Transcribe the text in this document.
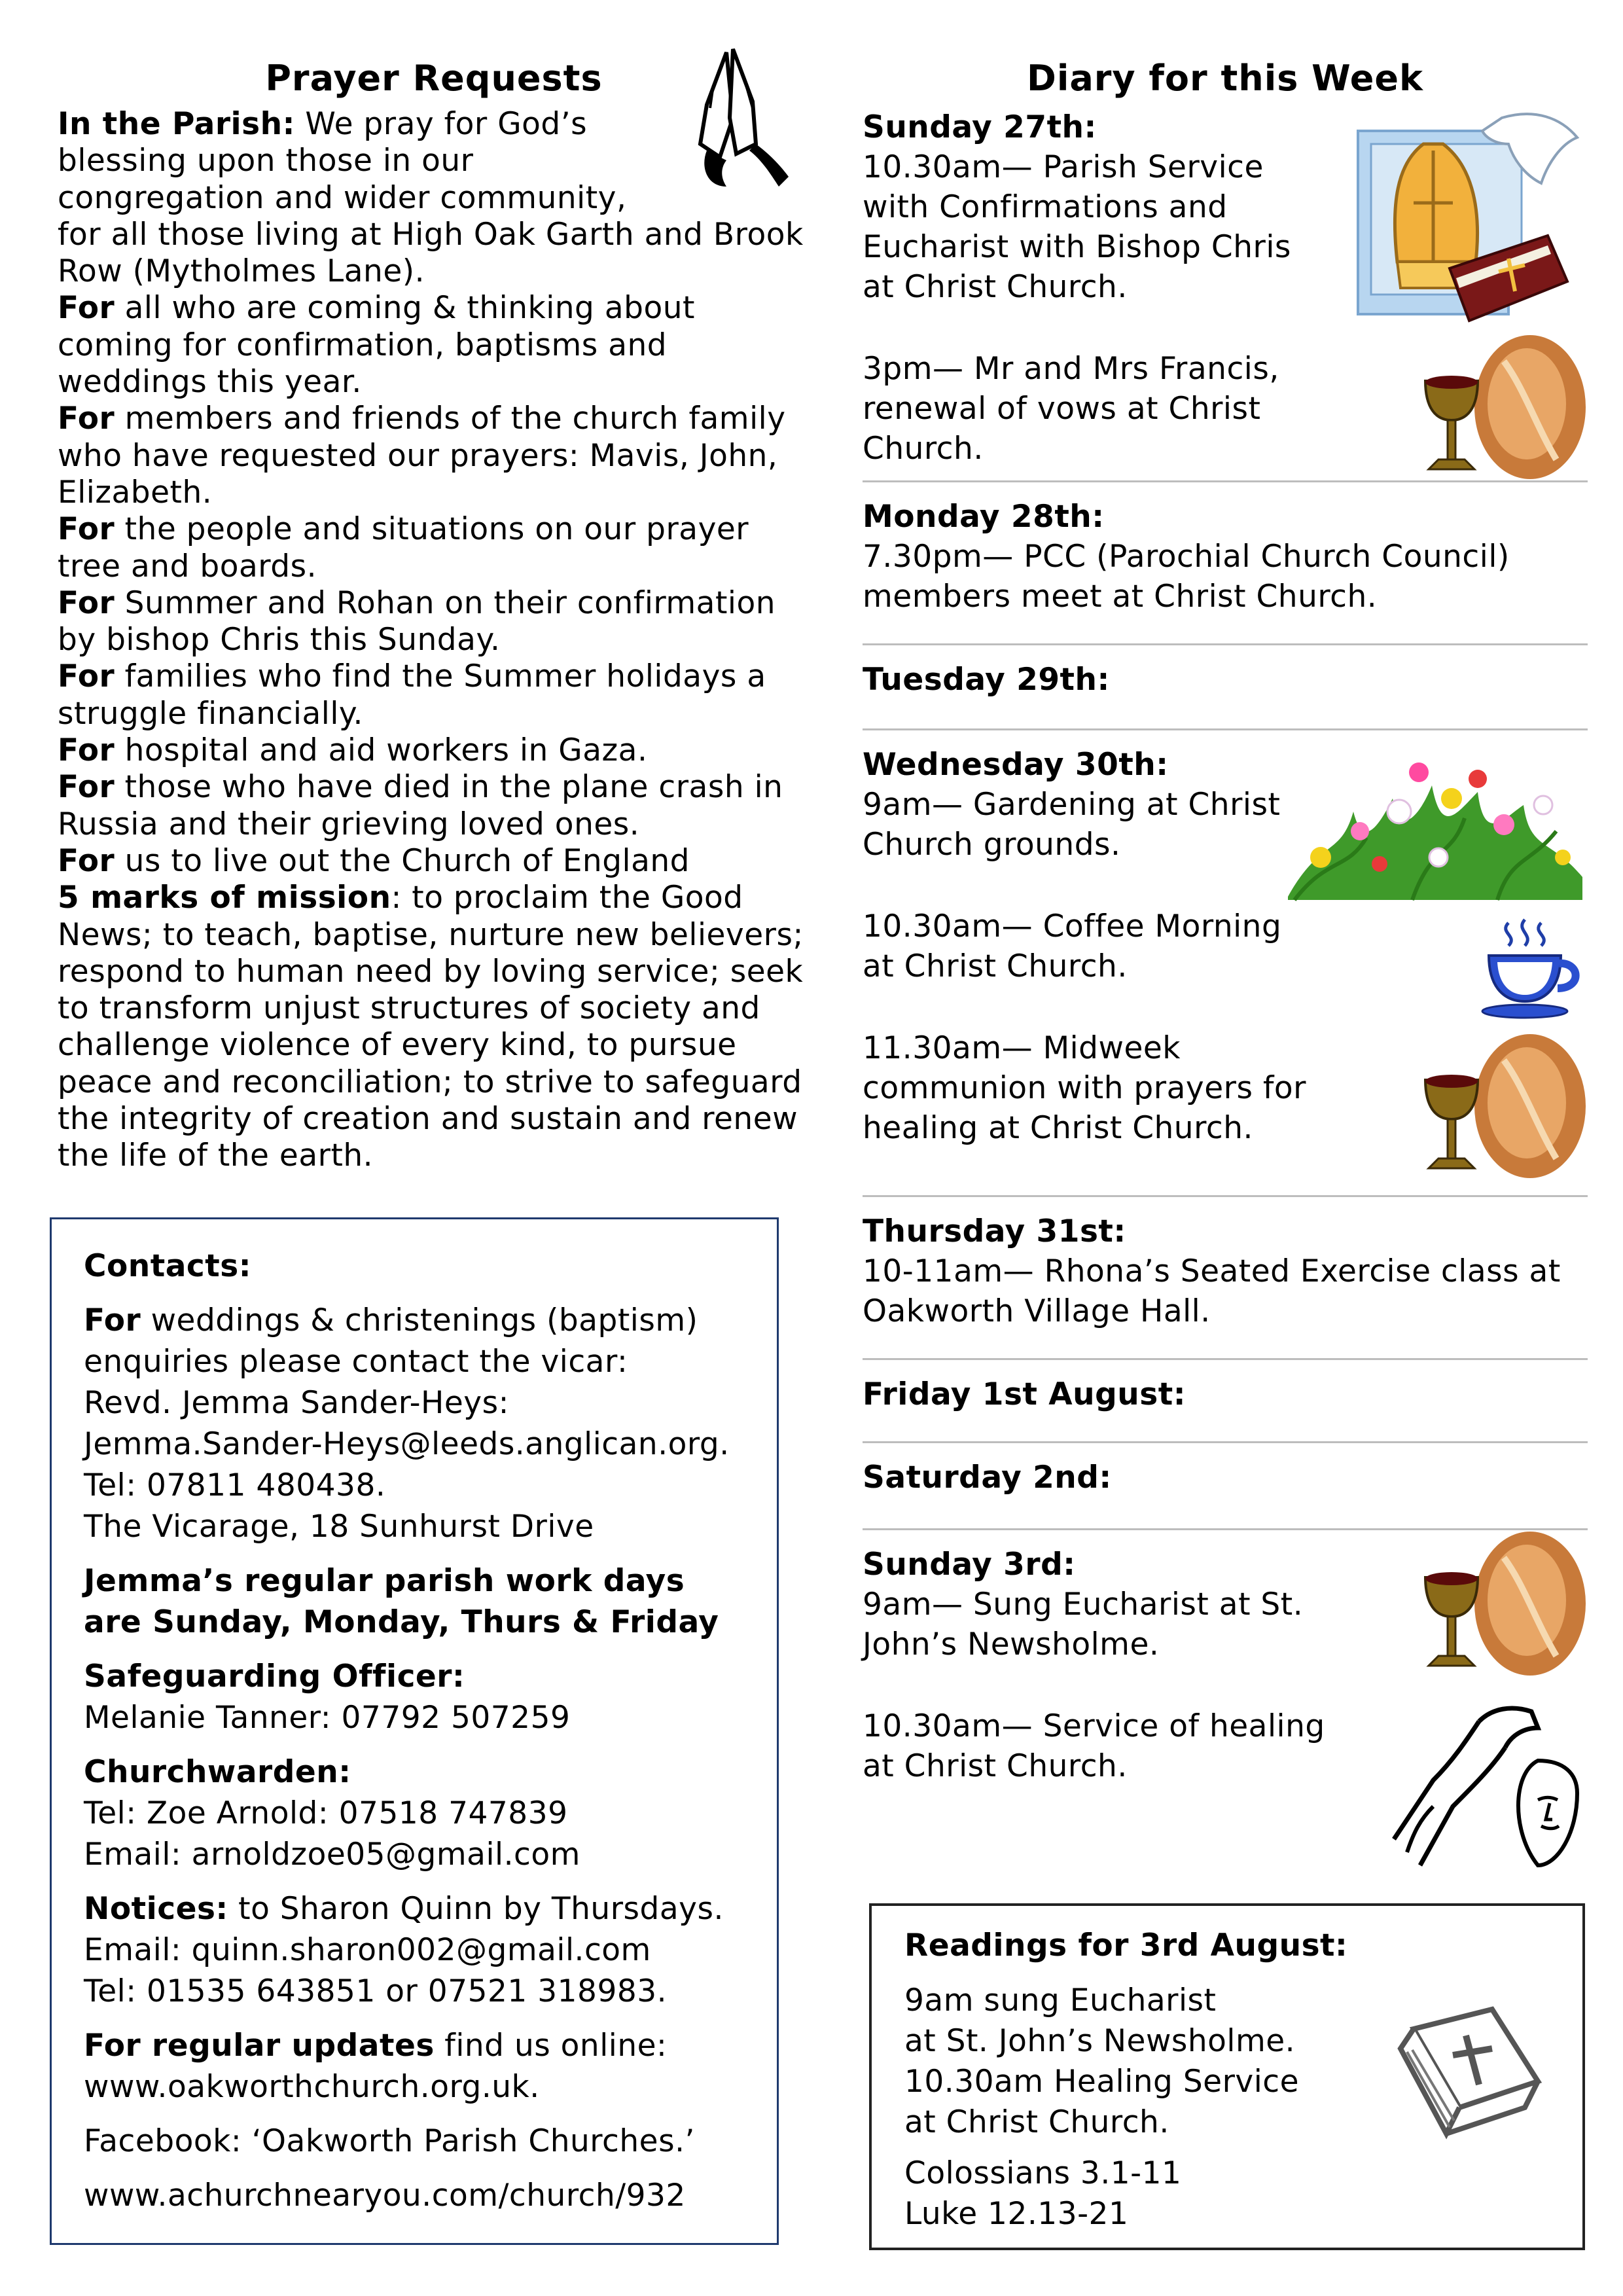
Prayer Requests

In the Parish: We pray for God’s blessing upon those in our congregation and wider community,

for all those living at High Oak Garth and Brook Row (Mytholmes Lane).

For all who are coming & thinking about coming for confirmation, baptisms and weddings this year.

For members and friends of the church family who have requested our prayers: Mavis, John, Elizabeth.

For the people and situations on our prayer tree and boards.

For Summer and Rohan on their confirmation by bishop Chris this Sunday.

For families who find the Summer holidays a struggle financially.

For hospital and aid workers in Gaza.

For those who have died in the plane crash in Russia and their grieving loved ones.

For us to live out the Church of England

5 marks of mission: to proclaim the Good News; to teach, baptise, nurture new believers; respond to human need by loving service; seek to transform unjust structures of society and challenge violence of every kind, to pursue peace and reconciliation; to strive to safeguard the integrity of creation and sustain and renew the life of the earth.

Contacts:

For weddings & christenings (baptism) enquiries please contact the vicar:

Revd. Jemma Sander-Heys:
Jemma.Sander-Heys@leeds.anglican.org.
Tel: 07811 480438.
The Vicarage, 18 Sunhurst Drive
Jemma’s regular parish work days
are Sunday, Monday, Thurs & Friday
Safeguarding Officer:
Melanie Tanner: 07792 507259
Churchwarden:
Tel: Zoe Arnold: 07518 747839
Email: arnoldzoe05@gmail.com
Notices: to Sharon Quinn by Thursdays.
Email: quinn.sharon002@gmail.com
Tel: 01535 643851 or 07521 318983.
For regular updates find us online:
www.oakworthchurch.org.uk.
Facebook: ‘Oakworth Parish Churches.’
www.achurchnearyou.com/church/932
Diary for this Week
Sunday 27th:
10.30am— Parish Service with Confirmations and Eucharist with Bishop Chris at Christ Church.
3pm— Mr and Mrs Francis, renewal of vows at Christ Church.
Monday 28th:
7.30pm— PCC (Parochial Church Council) members meet at Christ Church.
Tuesday 29th:
Wednesday 30th:
9am— Gardening at Christ Church grounds.
10.30am— Coffee Morning at Christ Church.
11.30am— Midweek communion with prayers for healing at Christ Church.
Thursday 31st:
10-11am— Rhona’s Seated Exercise class at Oakworth Village Hall.
Friday 1st August:
Saturday 2nd:
Sunday 3rd:
9am— Sung Eucharist at St. John’s Newsholme.
10.30am— Service of healing at Christ Church.

Readings for 3rd August:

9am sung Eucharist
at St. John’s Newsholme.
10.30am Healing Service
at Christ Church.
Colossians 3.1-11
Luke 12.13-21
